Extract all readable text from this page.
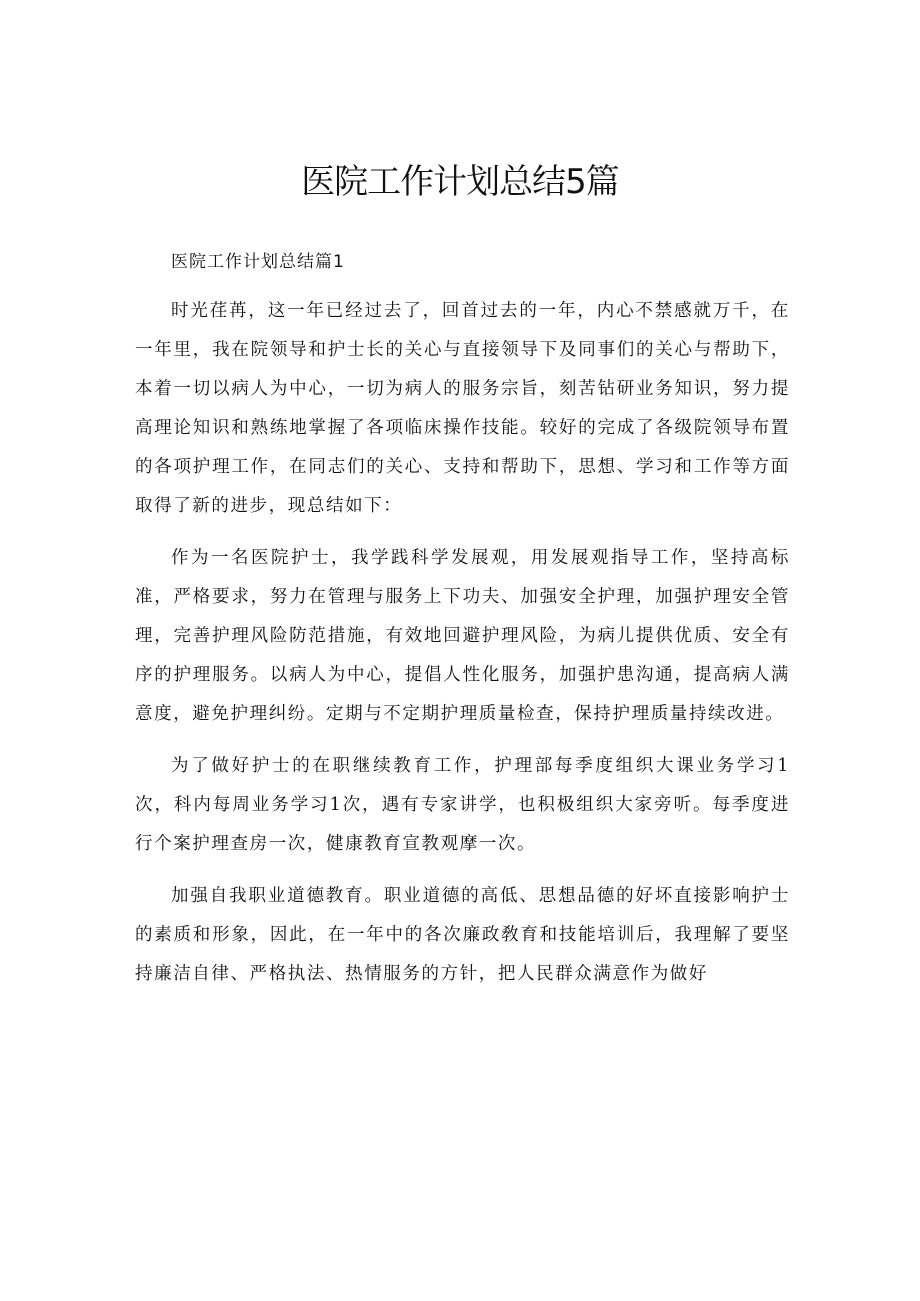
医院工作计划总结5篇

医院工作计划总结篇1

时光荏苒，这一年已经过去了，回首过去的一年，内心不禁感就万千，在一年里，我在院领导和护士长的关心与直接领导下及同事们的关心与帮助下，本着一切以病人为中心，一切为病人的服务宗旨，刻苦钻研业务知识，努力提高理论知识和熟练地掌握了各项临床操作技能。较好的完成了各级院领导布置的各项护理工作，在同志们的关心、支持和帮助下，思想、学习和工作等方面取得了新的进步，现总结如下：

作为一名医院护士，我学践科学发展观，用发展观指导工作，坚持高标准，严格要求，努力在管理与服务上下功夫、加强安全护理，加强护理安全管理，完善护理风险防范措施，有效地回避护理风险，为病儿提供优质、安全有序的护理服务。以病人为中心，提倡人性化服务，加强护患沟通，提高病人满意度，避免护理纠纷。定期与不定期护理质量检查，保持护理质量持续改进。

为了做好护士的在职继续教育工作，护理部每季度组织大课业务学习1次，科内每周业务学习1次，遇有专家讲学，也积极组织大家旁听。每季度进行个案护理查房一次，健康教育宣教观摩一次。

加强自我职业道德教育。职业道德的高低、思想品德的好坏直接影响护士的素质和形象，因此，在一年中的各次廉政敎育和技能培训后，我理解了要坚持廉洁自律、严格执法、热情服务的方针，把人民群众满意作为做好
